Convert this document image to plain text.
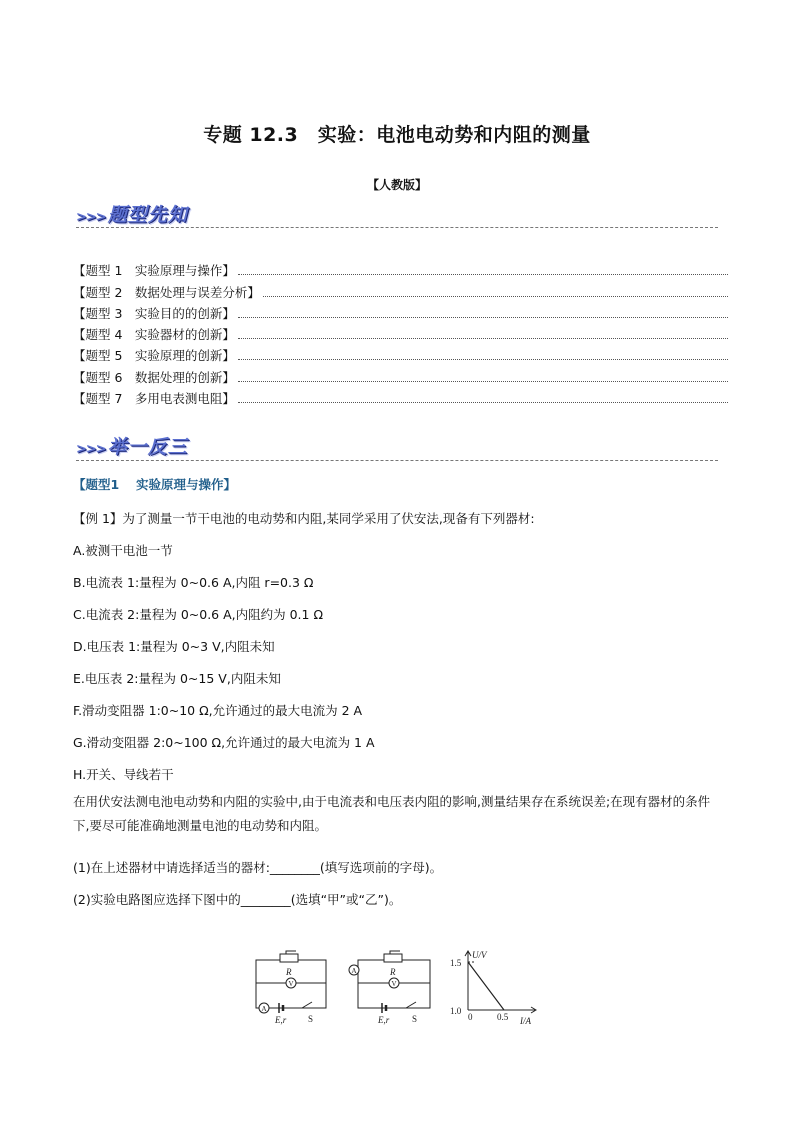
专题 12.3　实验：电池电动势和内阻的测量
【人教版】
>>> 题型先知
【题型 1　实验原理与操作】
【题型 2　数据处理与误差分析】
【题型 3　实验目的的创新】
【题型 4　实验器材的创新】
【题型 5　实验原理的创新】
【题型 6　数据处理的创新】
【题型 7　多用电表测电阻】
>>> 举一反三
【题型1　 实验原理与操作】
【例 1】为了测量一节干电池的电动势和内阻,某同学采用了伏安法,现备有下列器材:
A.被测干电池一节
B.电流表 1:量程为 0~0.6 A,内阻 r=0.3 Ω
C.电流表 2:量程为 0~0.6 A,内阻约为 0.1 Ω
D.电压表 1:量程为 0~3 V,内阻未知
E.电压表 2:量程为 0~15 V,内阻未知
F.滑动变阻器 1:0~10 Ω,允许通过的最大电流为 2 A
G.滑动变阻器 2:0~100 Ω,允许通过的最大电流为 1 A
H.开关、导线若干
在用伏安法测电池电动势和内阻的实验中,由于电流表和电压表内阻的影响,测量结果存在系统误差;在现有器材的条件下,要尽可能准确地测量电池的电动势和内阻。
(1)在上述器材中请选择适当的器材:________(填写选项前的字母)。
(2)实验电路图应选择下图中的________(选填“甲”或“乙”)。
R
V
A
E,r S
A	R
V
E,r	S
U/V
I/A
1.5
1.0
0	0.5
